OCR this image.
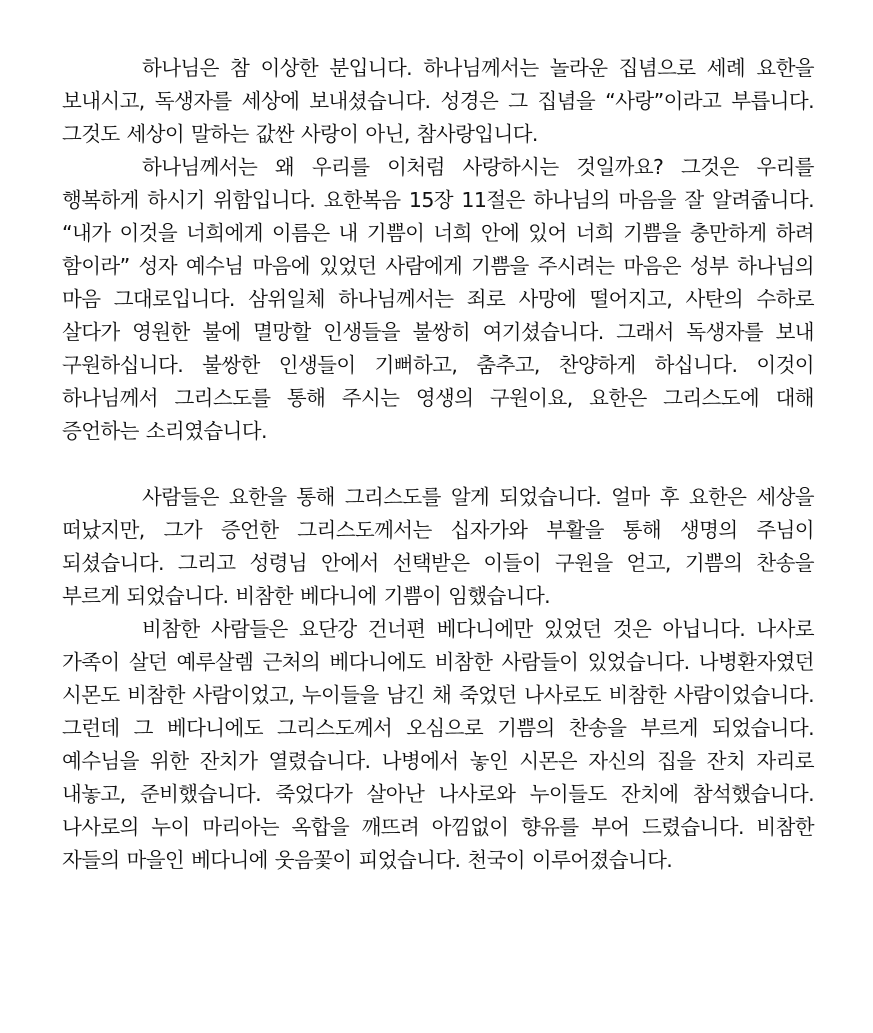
하나님은 참 이상한 분입니다. 하나님께서는 놀라운 집념으로 세례 요한을 보내시고, 독생자를 세상에 보내셨습니다. 성경은 그 집념을 “사랑”이라고 부릅니다. 그것도 세상이 말하는 값싼 사랑이 아닌, 참사랑입니다.

하나님께서는 왜 우리를 이처럼 사랑하시는 것일까요? 그것은 우리를 행복하게 하시기 위함입니다. 요한복음 15장 11절은 하나님의 마음을 잘 알려줍니다. “내가 이것을 너희에게 이름은 내 기쁨이 너희 안에 있어 너희 기쁨을 충만하게 하려 함이라” 성자 예수님 마음에 있었던 사람에게 기쁨을 주시려는 마음은 성부 하나님의 마음 그대로입니다. 삼위일체 하나님께서는 죄로 사망에 떨어지고, 사탄의 수하로 살다가 영원한 불에 멸망할 인생들을 불쌍히 여기셨습니다. 그래서 독생자를 보내 구원하십니다. 불쌍한 인생들이 기뻐하고, 춤추고, 찬양하게 하십니다. 이것이 하나님께서 그리스도를 통해 주시는 영생의 구원이요, 요한은 그리스도에 대해 증언하는 소리였습니다.

사람들은 요한을 통해 그리스도를 알게 되었습니다. 얼마 후 요한은 세상을 떠났지만, 그가 증언한 그리스도께서는 십자가와 부활을 통해 생명의 주님이 되셨습니다. 그리고 성령님 안에서 선택받은 이들이 구원을 얻고, 기쁨의 찬송을 부르게 되었습니다. 비참한 베다니에 기쁨이 임했습니다.

비참한 사람들은 요단강 건너편 베다니에만 있었던 것은 아닙니다. 나사로 가족이 살던 예루살렘 근처의 베다니에도 비참한 사람들이 있었습니다. 나병환자였던 시몬도 비참한 사람이었고, 누이들을 남긴 채 죽었던 나사로도 비참한 사람이었습니다. 그런데 그 베다니에도 그리스도께서 오심으로 기쁨의 찬송을 부르게 되었습니다. 예수님을 위한 잔치가 열렸습니다. 나병에서 놓인 시몬은 자신의 집을 잔치 자리로 내놓고, 준비했습니다. 죽었다가 살아난 나사로와 누이들도 잔치에 참석했습니다. 나사로의 누이 마리아는 옥합을 깨뜨려 아낌없이 향유를 부어 드렸습니다. 비참한 자들의 마을인 베다니에 웃음꽃이 피었습니다. 천국이 이루어졌습니다.
